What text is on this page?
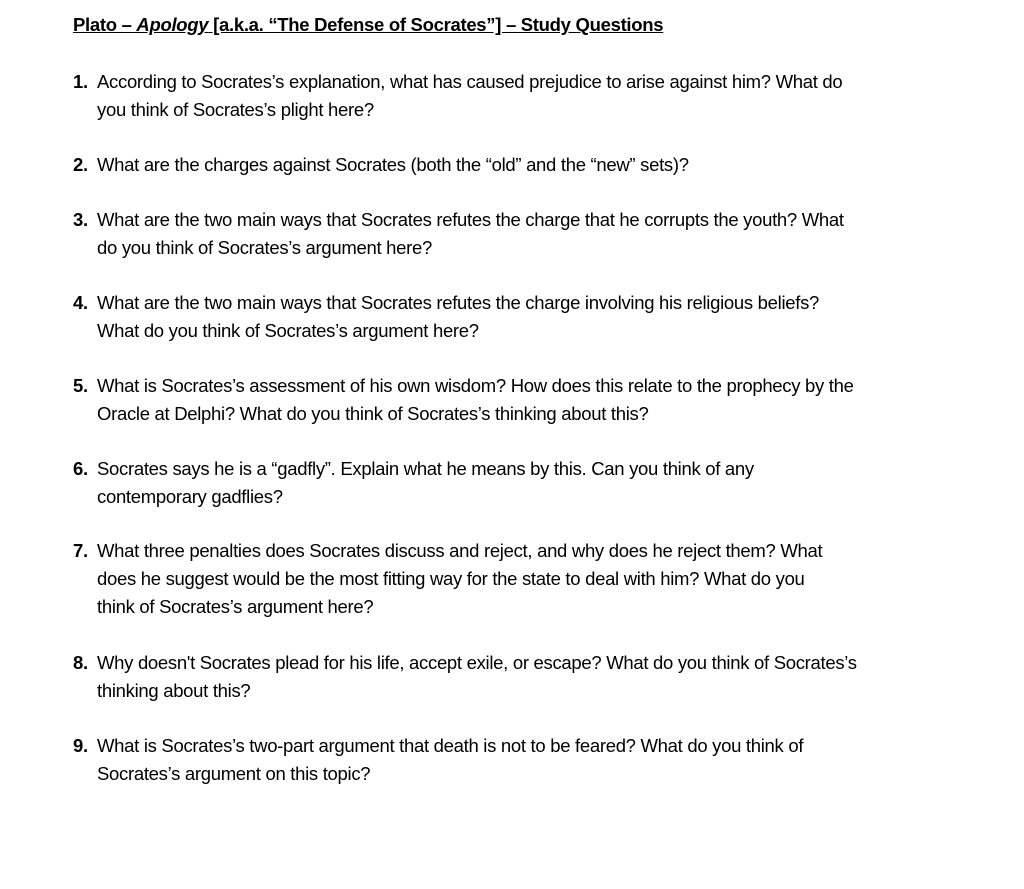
Plato – Apology [a.k.a. “The Defense of Socrates”] – Study Questions
1. According to Socrates’s explanation, what has caused prejudice to arise against him? What do
you think of Socrates’s plight here?
2. What are the charges against Socrates (both the “old” and the “new” sets)?
3. What are the two main ways that Socrates refutes the charge that he corrupts the youth? What
do you think of Socrates’s argument here?
4. What are the two main ways that Socrates refutes the charge involving his religious beliefs?
What do you think of Socrates’s argument here?
5. What is Socrates’s assessment of his own wisdom? How does this relate to the prophecy by the
Oracle at Delphi? What do you think of Socrates’s thinking about this?
6. Socrates says he is a “gadfly”. Explain what he means by this. Can you think of any
contemporary gadflies?
7. What three penalties does Socrates discuss and reject, and why does he reject them? What
does he suggest would be the most fitting way for the state to deal with him? What do you
think of Socrates’s argument here?
8. Why doesn't Socrates plead for his life, accept exile, or escape? What do you think of Socrates’s
thinking about this?
9. What is Socrates’s two-part argument that death is not to be feared? What do you think of
Socrates’s argument on this topic?
